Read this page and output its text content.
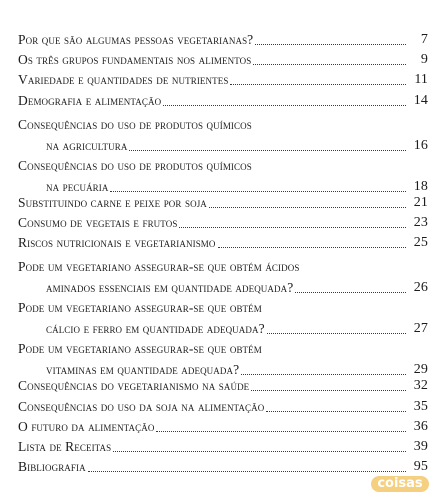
Por que são algumas pessoas vegetarianas?	7
Os três grupos fundamentais nos alimentos	9
Variedade e quantidades de nutrientes	11
Demografia e alimentação	14
Consequências do uso de produtos químicos
na agricultura	16
Consequências do uso de produtos químicos
na pecuária	18
Substituindo carne e peixe por soja	21
Consumo de vegetais e frutos	23
Riscos nutricionais e vegetarianismo	25
Pode um vegetariano assegurar-se que obtém ácidos
aminados essenciais em quantidade adequada?	26
Pode um vegetariano assegurar-se que obtém
cálcio e ferro em quantidade adequada?	27
Pode um vegetariano assegurar-se que obtém
vitaminas em quantidade adequada?	29
Consequências do vegetarianismo na saúde	32
Consequências do uso da soja na alimentação	35
O futuro da alimentação	36
Lista de Receitas	39
Bibliografia	95
coisas
